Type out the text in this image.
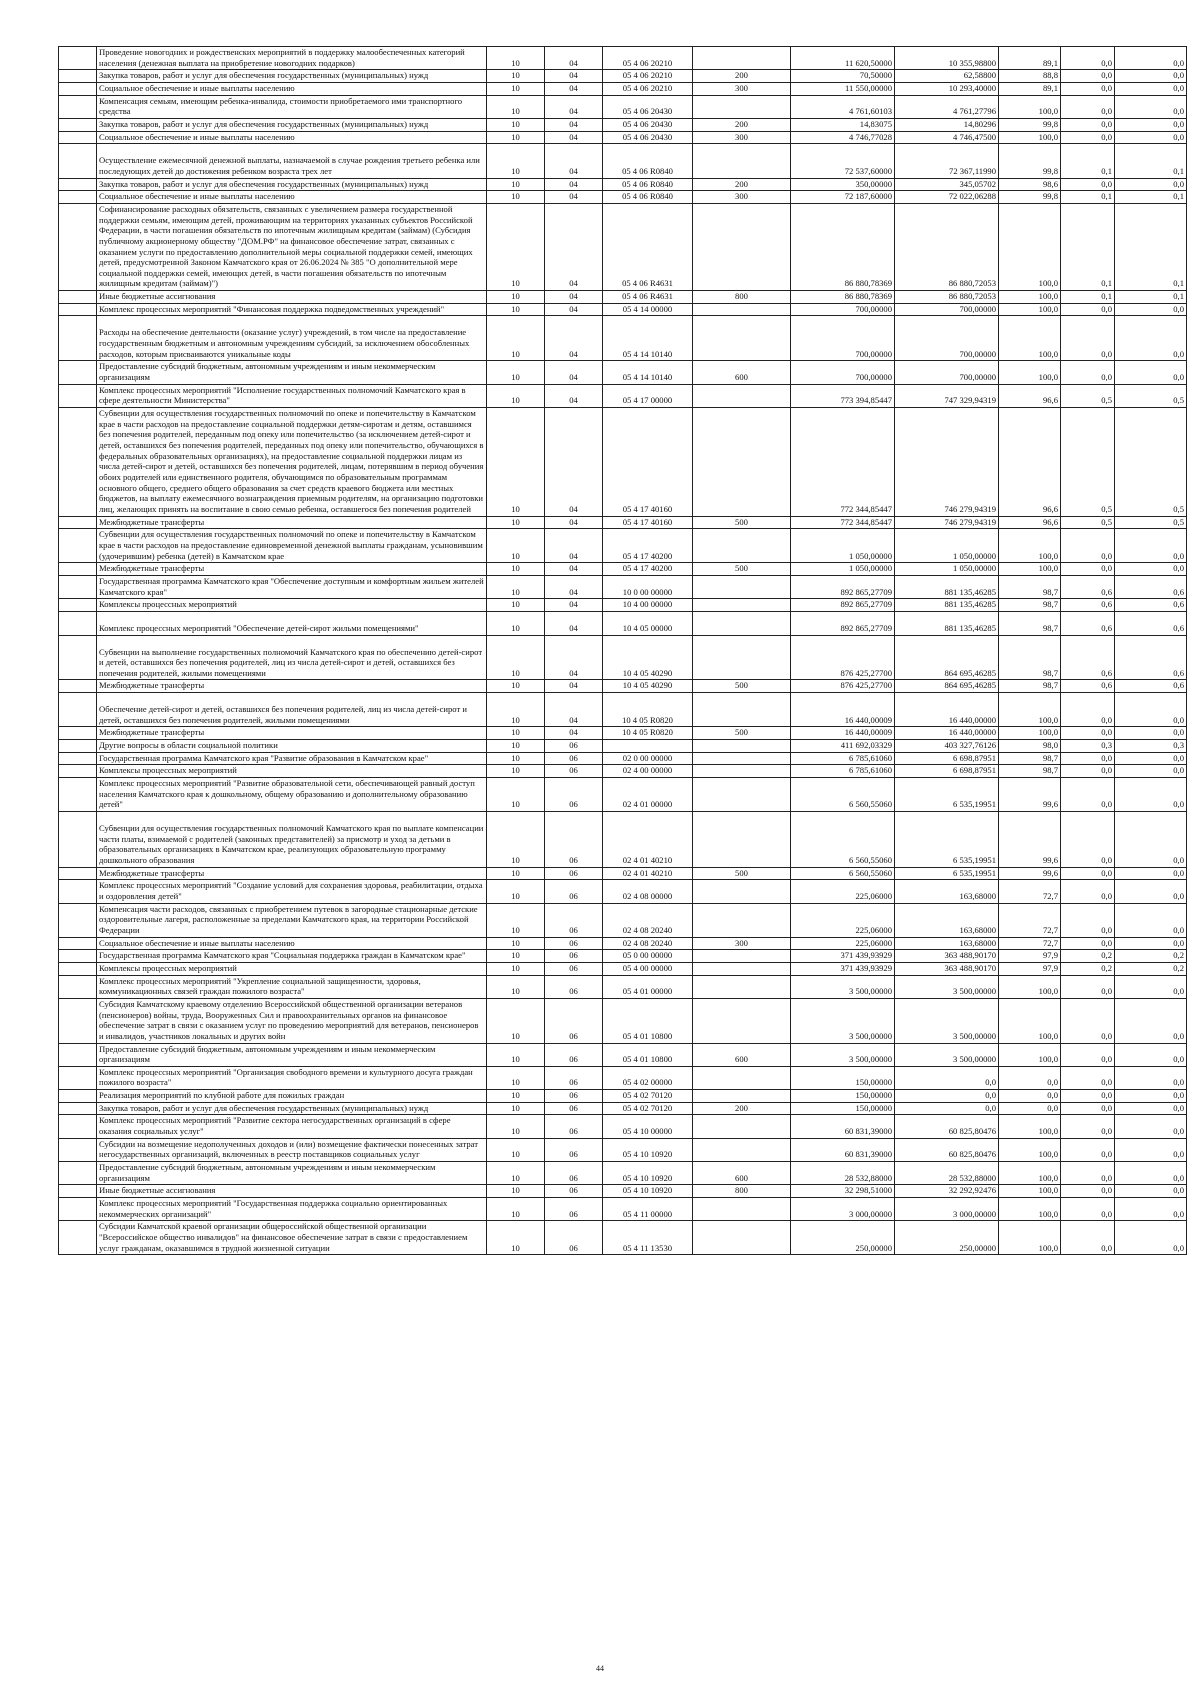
	Проведение новогодних и рождественских мероприятий в поддержку малообеспеченных категорий населения (денежная выплата на приобретение новогодних подарков)	10	04	05 4 06 20210		11 620,50000	10 355,98800	89,1	0,0	0,0
	Закупка товаров, работ и услуг для обеспечения государственных (муниципальных) нужд	10	04	05 4 06 20210	200	70,50000	62,58800	88,8	0,0	0,0
	Социальное обеспечение и иные выплаты населению	10	04	05 4 06 20210	300	11 550,00000	10 293,40000	89,1	0,0	0,0
	Компенсация семьям, имеющим ребенка-инвалида, стоимости приобретаемого ими транспортного средства	10	04	05 4 06 20430		4 761,60103	4 761,27796	100,0	0,0	0,0
	Закупка товаров, работ и услуг для обеспечения государственных (муниципальных) нужд	10	04	05 4 06 20430	200	14,83075	14,80296	99,8	0,0	0,0
	Социальное обеспечение и иные выплаты населению	10	04	05 4 06 20430	300	4 746,77028	4 746,47500	100,0	0,0	0,0
	Осуществление ежемесячной денежной выплаты, назначаемой в случае рождения третьего ребенка или последующих детей до достижения ребенком возраста трех лет	10	04	05 4 06 R0840		72 537,60000	72 367,11990	99,8	0,1	0,1
	Закупка товаров, работ и услуг для обеспечения государственных (муниципальных) нужд	10	04	05 4 06 R0840	200	350,00000	345,05702	98,6	0,0	0,0
	Социальное обеспечение и иные выплаты населению	10	04	05 4 06 R0840	300	72 187,60000	72 022,06288	99,8	0,1	0,1
	Софинансирование расходных обязательств, связанных с увеличением размера государственной поддержки семьям, имеющим детей, проживающим на территориях указанных субъектов Российской Федерации, в части погашения обязательств по ипотечным жилищным кредитам (займам) (Субсидия публичному акционерному обществу "ДОМ.РФ" на финансовое обеспечение затрат, связанных с оказанием услуги по предоставлению дополнительной меры социальной поддержки семей, имеющих детей, предусмотренной Законом Камчатского края от 26.06.2024 № 385 "О дополнительной мере социальной поддержки семей, имеющих детей, в части погашения обязательств по ипотечным жилищным кредитам (займам)")	10	04	05 4 06 R4631		86 880,78369	86 880,72053	100,0	0,1	0,1
	Иные бюджетные ассигнования	10	04	05 4 06 R4631	800	86 880,78369	86 880,72053	100,0	0,1	0,1
	Комплекс процессных мероприятий "Финансовая поддержка подведомственных учреждений"	10	04	05 4 14 00000		700,00000	700,00000	100,0	0,0	0,0
	Расходы на обеспечение деятельности (оказание услуг) учреждений, в том числе на предоставление государственным бюджетным и автономным учреждениям субсидий, за исключением обособленных расходов, которым присваиваются уникальные коды	10	04	05 4 14 10140		700,00000	700,00000	100,0	0,0	0,0
	Предоставление субсидий бюджетным, автономным учреждениям и иным некоммерческим организациям	10	04	05 4 14 10140	600	700,00000	700,00000	100,0	0,0	0,0
	Комплекс процессных мероприятий "Исполнение государственных полномочий Камчатского края в сфере деятельности Министерства"	10	04	05 4 17 00000		773 394,85447	747 329,94319	96,6	0,5	0,5
	Субвенции для осуществления государственных полномочий по опеке и попечительству в Камчатском крае в части расходов на предоставление социальной поддержки детям-сиротам и детям, оставшимся без попечения родителей, переданным под опеку или попечительство (за исключением детей-сирот и детей, оставшихся без попечения родителей, переданных под опеку или попечительство, обучающихся в федеральных образовательных организациях), на предоставление социальной поддержки лицам из числа детей-сирот и детей, оставшихся без попечения родителей, лицам, потерявшим в период обучения обоих родителей или единственного родителя, обучающимся по образовательным программам основного общего, среднего общего образования за счет средств краевого бюджета или местных бюджетов, на выплату ежемесячного вознаграждения приемным родителям, на организацию подготовки лиц, желающих принять на воспитание в свою семью ребенка, оставшегося без попечения родителей	10	04	05 4 17 40160		772 344,85447	746 279,94319	96,6	0,5	0,5
	Межбюджетные трансферты	10	04	05 4 17 40160	500	772 344,85447	746 279,94319	96,6	0,5	0,5
	Субвенции для осуществления государственных полномочий по опеке и попечительству в Камчатском крае в части расходов на предоставление единовременной денежной выплаты гражданам, усыновившим (удочерившим) ребенка (детей) в Камчатском крае	10	04	05 4 17 40200		1 050,00000	1 050,00000	100,0	0,0	0,0
	Межбюджетные трансферты	10	04	05 4 17 40200	500	1 050,00000	1 050,00000	100,0	0,0	0,0
	Государственная программа Камчатского края "Обеспечение доступным и комфортным жильем жителей Камчатского края"	10	04	10 0 00 00000		892 865,27709	881 135,46285	98,7	0,6	0,6
	Комплексы процессных мероприятий	10	04	10 4 00 00000		892 865,27709	881 135,46285	98,7	0,6	0,6
	Комплекс процессных мероприятий "Обеспечение детей-сирот жильми помещениями"	10	04	10 4 05 00000		892 865,27709	881 135,46285	98,7	0,6	0,6
	Субвенции на выполнение государственных полномочий Камчатского края по обеспечению детей-сирот и детей, оставшихся без попечения родителей, лиц из числа детей-сирот и детей, оставшихся без попечения родителей, жилыми помещениями	10	04	10 4 05 40290		876 425,27700	864 695,46285	98,7	0,6	0,6
	Межбюджетные трансферты	10	04	10 4 05 40290	500	876 425,27700	864 695,46285	98,7	0,6	0,6
	Обеспечение детей-сирот и детей, оставшихся без попечения родителей, лиц из числа детей-сирот и детей, оставшихся без попечения родителей, жилыми помещениями	10	04	10 4 05 R0820		16 440,00009	16 440,00000	100,0	0,0	0,0
	Межбюджетные трансферты	10	04	10 4 05 R0820	500	16 440,00009	16 440,00000	100,0	0,0	0,0
	Другие вопросы в области социальной политики	10	06			411 692,03329	403 327,76126	98,0	0,3	0,3
	Государственная программа Камчатского края "Развитие образования в Камчатском крае"	10	06	02 0 00 00000		6 785,61060	6 698,87951	98,7	0,0	0,0
	Комплексы процессных мероприятий	10	06	02 4 00 00000		6 785,61060	6 698,87951	98,7	0,0	0,0
	Комплекс процессных мероприятий "Развитие образовательной сети, обеспечивающей равный доступ населения Камчатского края к дошкольному, общему образованию и дополнительному образованию детей"	10	06	02 4 01 00000		6 560,55060	6 535,19951	99,6	0,0	0,0
	Субвенции для осуществления государственных полномочий Камчатского края по выплате компенсации части платы, взимаемой с родителей (законных представителей) за присмотр и уход за детьми в образовательных организациях в Камчатском крае, реализующих образовательную программу дошкольного образования	10	06	02 4 01 40210		6 560,55060	6 535,19951	99,6	0,0	0,0
	Межбюджетные трансферты	10	06	02 4 01 40210	500	6 560,55060	6 535,19951	99,6	0,0	0,0
	Комплекс процессных мероприятий "Создание условий для сохранения здоровья, реабилитации, отдыха и оздоровления детей"	10	06	02 4 08 00000		225,06000	163,68000	72,7	0,0	0,0
	Компенсация части расходов, связанных с приобретением путевок в загородные стационарные детские оздоровительные лагеря, расположенные за пределами Камчатского края, на территории Российской Федерации	10	06	02 4 08 20240		225,06000	163,68000	72,7	0,0	0,0
	Социальное обеспечение и иные выплаты населению	10	06	02 4 08 20240	300	225,06000	163,68000	72,7	0,0	0,0
	Государственная программа Камчатского края "Социальная поддержка граждан в Камчатском крае"	10	06	05 0 00 00000		371 439,93929	363 488,90170	97,9	0,2	0,2
	Комплексы процессных мероприятий	10	06	05 4 00 00000		371 439,93929	363 488,90170	97,9	0,2	0,2
	Комплекс процессных мероприятий "Укрепление социальной защищенности, здоровья, коммуникационных связей граждан пожилого возраста"	10	06	05 4 01 00000		3 500,00000	3 500,00000	100,0	0,0	0,0
	Субсидия Камчатскому краевому отделению Всероссийской общественной организации ветеранов (пенсионеров) войны, труда, Вооруженных Сил и правоохранительных органов на финансовое обеспечение затрат в связи с оказанием услуг по проведению мероприятий для ветеранов, пенсионеров и инвалидов, участников локальных и других войн	10	06	05 4 01 10800		3 500,00000	3 500,00000	100,0	0,0	0,0
	Предоставление субсидий бюджетным, автономным учреждениям и иным некоммерческим организациям	10	06	05 4 01 10800	600	3 500,00000	3 500,00000	100,0	0,0	0,0
	Комплекс процессных мероприятий "Организация свободного времени и культурного досуга граждан пожилого возраста"	10	06	05 4 02 00000		150,00000	0,0	0,0	0,0	0,0
	Реализация мероприятий по клубной работе для пожилых граждан	10	06	05 4 02 70120		150,00000	0,0	0,0	0,0	0,0
	Закупка товаров, работ и услуг для обеспечения государственных (муниципальных) нужд	10	06	05 4 02 70120	200	150,00000	0,0	0,0	0,0	0,0
	Комплекс процессных мероприятий "Развитие сектора негосударственных организаций в сфере оказания социальных услуг"	10	06	05 4 10 00000		60 831,39000	60 825,80476	100,0	0,0	0,0
	Субсидии на возмещение недополученных доходов и (или) возмещение фактически понесенных затрат негосударственных организаций, включенных в реестр поставщиков социальных услуг	10	06	05 4 10 10920		60 831,39000	60 825,80476	100,0	0,0	0,0
	Предоставление субсидий бюджетным, автономным учреждениям и иным некоммерческим организациям	10	06	05 4 10 10920	600	28 532,88000	28 532,88000	100,0	0,0	0,0
	Иные бюджетные ассигнования	10	06	05 4 10 10920	800	32 298,51000	32 292,92476	100,0	0,0	0,0
	Комплекс процессных мероприятий "Государственная поддержка социально ориентированных некоммерческих организаций"	10	06	05 4 11 00000		3 000,00000	3 000,00000	100,0	0,0	0,0
	Субсидии Камчатской краевой организации общероссийской общественной организации "Всероссийское общество инвалидов" на финансовое обеспечение затрат в связи с предоставлением услуг гражданам, оказавшимся в трудной жизненной ситуации	10	06	05 4 11 13530		250,00000	250,00000	100,0	0,0	0,0
44
